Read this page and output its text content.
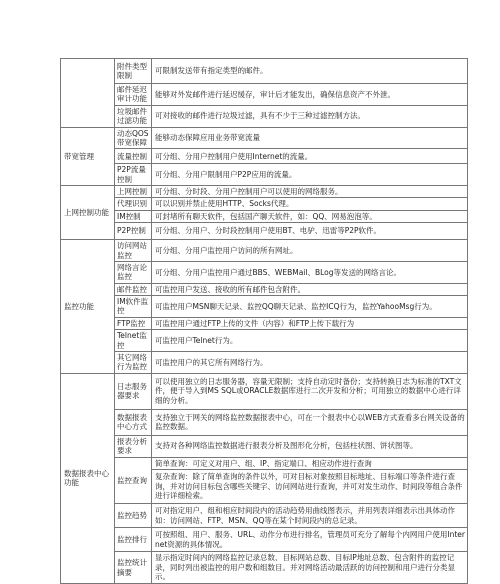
	附件类型限制	可限制发送带有指定类型的邮件。
	邮件延迟审计功能	能够对外发邮件进行延迟缓存，审计后才能发出，确保信息资产不外泄。
	垃圾邮件过滤功能	可对接收的邮件进行垃圾过滤，具有不少于三种过滤控制方法。
带宽管理	动态QOS带宽保障	能够动态保障应用业务带宽流量
	流量控制	可分组、分用户控制用户使用Internet的流量。
	P2P流量控制	可分组、分用户限制用户P2P应用的流量。
上网控制功能	上网控制	可分组、分时段、分用户控制用户可以使用的网络服务。
	代理识别	可以识别并禁止使用HTTP、Socks代理。
	IM控制	可封堵所有聊天软件，包括国产聊天软件，如：QQ、网易泡泡等。
	P2P控制	可分组、分用户、分时段控制用户使用BT、电驴、迅雷等P2P软件。
监控功能	访问网站监控	可分组、分用户监控用户访问的所有网址。
	网络言论监控	可分组、分用户监控用户通过BBS、WEBMail、BLog等发送的网络言论。
	邮件监控	可监控用户发送、接收的所有邮件包含附件。
	IM软件监控	可监控用户MSN聊天记录、监控QQ聊天记录、监控ICQ行为，监控YahooMsg行为。
	FTP监控	可监控用户通过FTP上传的文件（内容）和FTP上传下载行为
	Telnet监控	可监控用户Telnet行为。
	其它网络行为监控	可监控用户的其它所有网络行为。
数据报表中心功能	日志服务器要求	可以使用独立的日志服务器，容量无限制；支持自动定时备份；支持转换日志为标准的TXT文件，便于导入到MS SQL或ORACLE数据库进行二次开发和分析；可用独立的数据中心进行详细的分析。
	数据报表中心方式	支持独立于网关的网络监控数据报表中心，可在一个报表中心以WEB方式查看多台网关设备的监控数据。
	报表分析要求	支持对各种网络监控数据进行报表分析及图形化分析，包括柱状图、饼状图等。
	监控查询	简单查询：可定义对用户、组、IP、指定端口、相应动作进行查询
		复杂查询：除了简单查询的条件以外，可对目标对象按照目标地址、目标端口等条件进行查询，并对访问目标包含哪些关键字、访问网站进行查询，并可对发生动作、时间段等组合条件进行详细检索。
	监控趋势	可对指定用户、组和相应时间段内的活动趋势用曲线图表示，并用列表详细表示出具体动作如：访问网站、FTP、MSN、QQ等在某个时间段内的总记录。
	监控排行	可按照组、用户、服务、URL、动作分布进行排名，管理员可充分了解每个内网用户使用Internet资源的具体情况。
	监控统计摘要	显示指定时间内的网络监控记录总数、目标网站总数、目标IP地址总数、包含附件的监控记录，同时列出被监控的用户数和组数目。并对网络活动最活跃的访问控制和用户进行分类显示。
